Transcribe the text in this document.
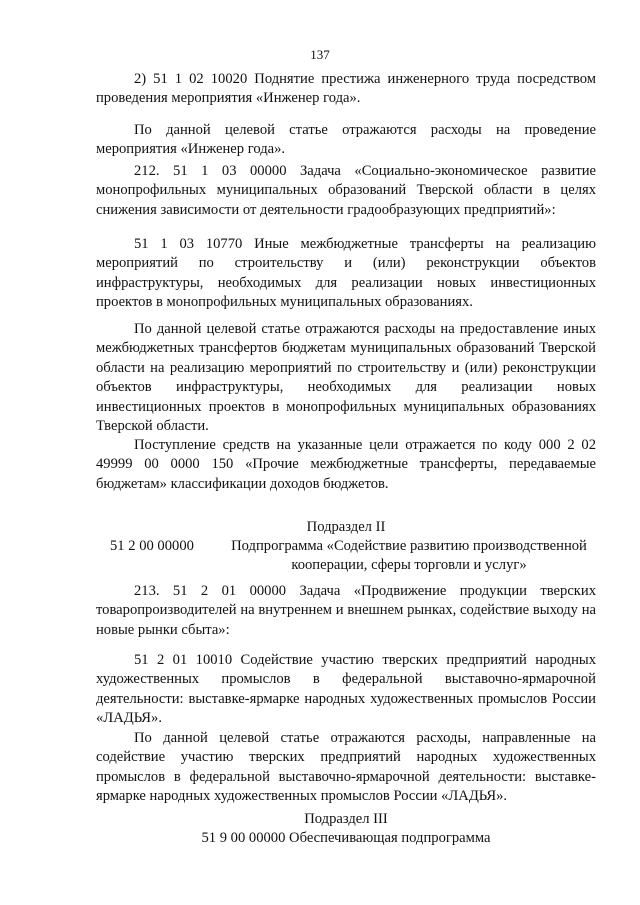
137

2) 51 1 02 10020 Поднятие престижа инженерного труда посредством проведения мероприятия «Инженер года».

По данной целевой статье отражаются расходы на проведение мероприятия «Инженер года».

212. 51 1 03 00000 Задача «Социально-экономическое развитие монопрофильных муниципальных образований Тверской области в целях снижения зависимости от деятельности градообразующих предприятий»:

51 1 03 10770 Иные межбюджетные трансферты на реализацию мероприятий по строительству и (или) реконструкции объектов инфраструктуры, необходимых для реализации новых инвестиционных проектов в монопрофильных муниципальных образованиях.

По данной целевой статье отражаются расходы на предоставление иных межбюджетных трансфертов бюджетам муниципальных образований Тверской области на реализацию мероприятий по строительству и (или) реконструкции объектов инфраструктуры, необходимых для реализации новых инвестиционных проектов в монопрофильных муниципальных образованиях Тверской области.

Поступление средств на указанные цели отражается по коду 000 2 02 49999 00 0000 150 «Прочие межбюджетные трансферты, передаваемые бюджетам» классификации доходов бюджетов.

Подраздел II

51 2 00 00000	Подпрограмма «Содействие развитию производственной кооперации, сферы торговли и услуг»

213. 51 2 01 00000 Задача «Продвижение продукции тверских товаропроизводителей на внутреннем и внешнем рынках, содействие выходу на новые рынки сбыта»:

51 2 01 10010 Содействие участию тверских предприятий народных художественных промыслов в федеральной выставочно-ярмарочной деятельности: выставке-ярмарке народных художественных промыслов России «ЛАДЬЯ».

По данной целевой статье отражаются расходы, направленные на содействие участию тверских предприятий народных художественных промыслов в федеральной выставочно-ярмарочной деятельности: выставке-ярмарке народных художественных промыслов России «ЛАДЬЯ».

Подраздел III

51 9 00 00000 Обеспечивающая подпрограмма
